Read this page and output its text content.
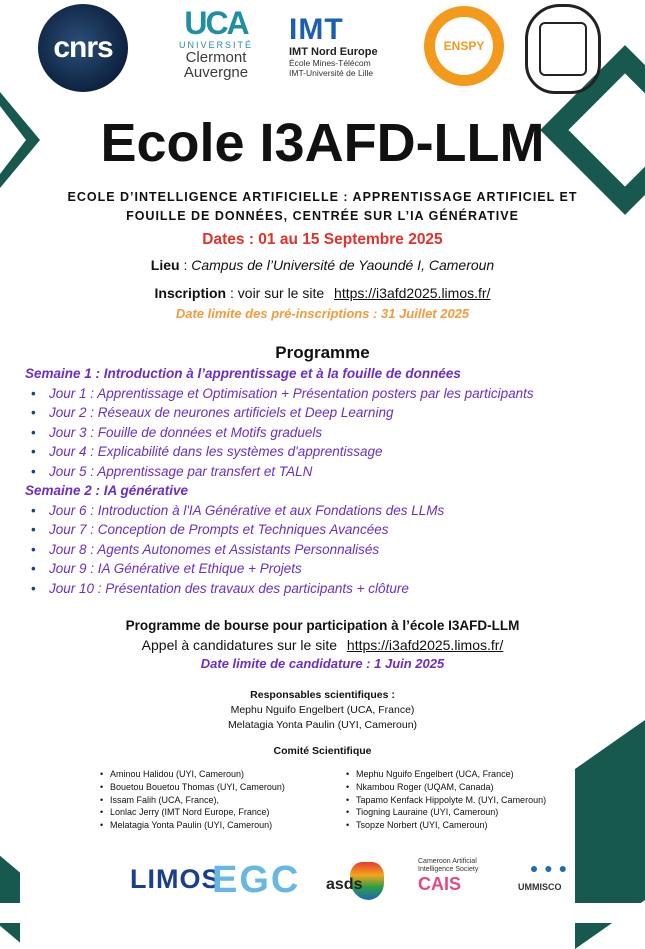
cnrs
UCA
UNIVERSITÉ
Clermont
Auvergne
IMT
IMT Nord Europe
École Mines-Télécom
IMT-Université de Lille
ENSPY
Ecole I3AFD-LLM
ECOLE D’INTELLIGENCE ARTIFICIELLE : APPRENTISSAGE ARTIFICIEL ET
FOUILLE DE DONNÉES, CENTRÉE SUR L’IA GÉNÉRATIVE
Dates : 01 au 15 Septembre 2025
Lieu : Campus de l’Université de Yaoundé I, Cameroun
Inscription : voir sur le site https://i3afd2025.limos.fr/
Date limite des pré-inscriptions : 31 Juillet 2025
Programme
Semaine 1 : Introduction à l’apprentissage et à la fouille de données
• Jour 1 : Apprentissage et Optimisation + Présentation posters par les participants
• Jour 2 : Réseaux de neurones artificiels et Deep Learning
• Jour 3 : Fouille de données et Motifs graduels
• Jour 4 : Explicabilité dans les systèmes d'apprentissage
• Jour 5 : Apprentissage par transfert et TALN
Semaine 2 : IA générative
• Jour 6 : Introduction à l'IA Générative et aux Fondations des LLMs
• Jour 7 : Conception de Prompts et Techniques Avancées
• Jour 8 : Agents Autonomes et Assistants Personnalisés
• Jour 9 : IA Générative et Ethique + Projets
• Jour 10 : Présentation des travaux des participants + clôture
Programme de bourse pour participation à l’école I3AFD-LLM
Appel à candidatures sur le site https://i3afd2025.limos.fr/
Date limite de candidature : 1 Juin 2025
Responsables scientifiques :
Mephu Nguifo Engelbert (UCA, France)
Melatagia Yonta Paulin (UYI, Cameroun)
Comité Scientifique
• Aminou Halidou (UYI, Cameroun)
• Bouetou Bouetou Thomas (UYI, Cameroun)
• Issam Falih (UCA, France),
• Lonlac Jerry (IMT Nord Europe, France)
• Melatagia Yonta Paulin (UYI, Cameroun)
• Mephu Nguifo Engelbert (UCA, France)
• Nkambou Roger (UQAM, Canada)
• Tapamo Kenfack Hippolyte M. (UYI, Cameroun)
• Tiogning Lauraine (UYI, Cameroun)
• Tsopze Norbert (UYI, Cameroun)
LIMOS
EGC asds
Cameroon Artificial Intelligence Society
CAIS
● ● ●
UMMISCO
